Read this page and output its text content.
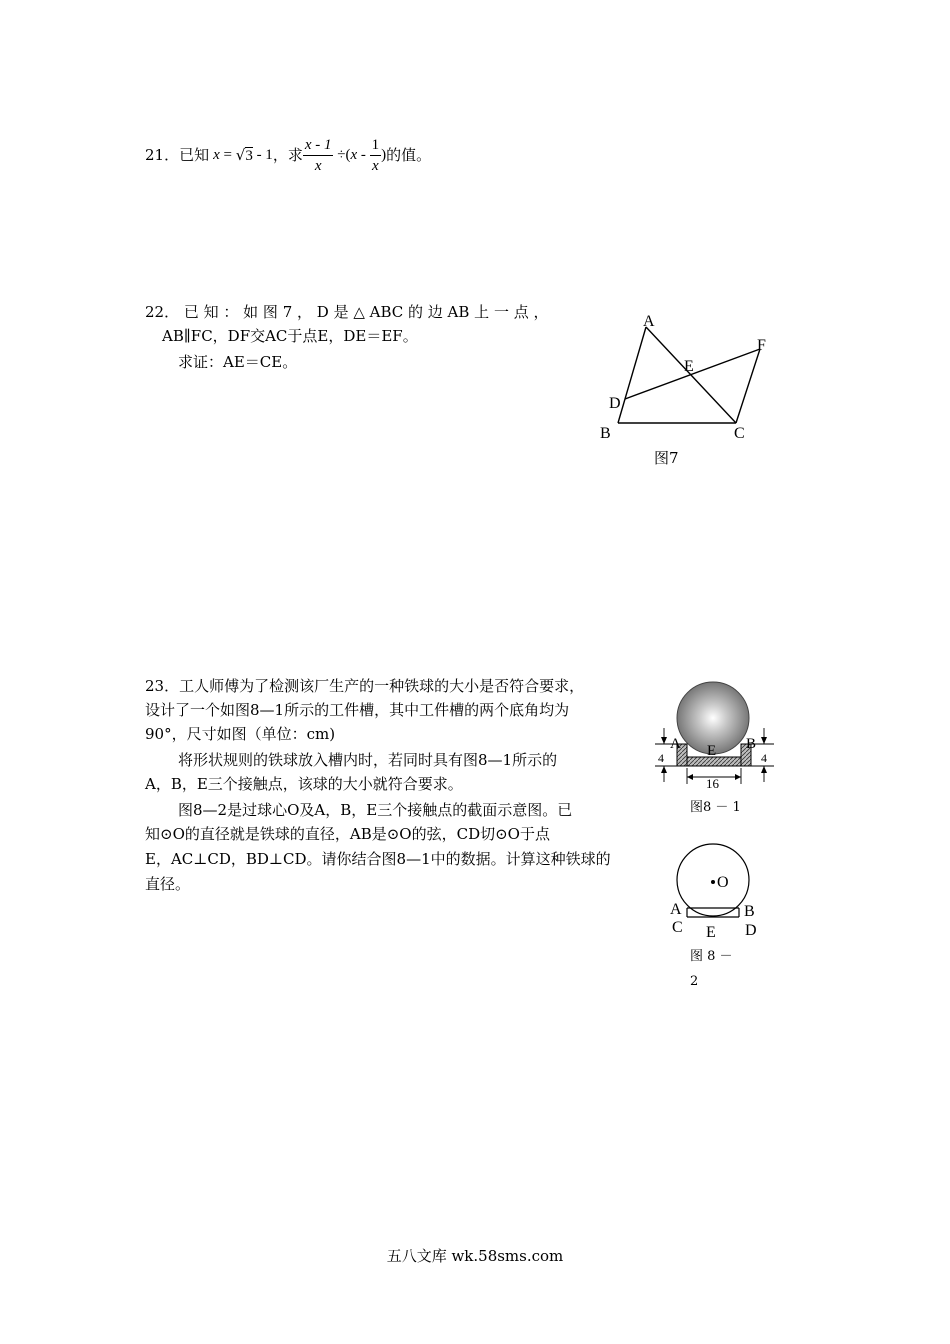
21． 已知 x = √ 3 - 1 ，求 $\frac{x - 1}{x}$ ÷( x - $\frac{1}{x}$ ) 的值。
22． 已 知 ： 如 图 7 ， D 是 △ ABC 的 边 AB 上 一 点 ，
AB∥FC，DF交AC于点E，DE＝EF。
求证：AE＝CE。
A
B	C
D
E
F
图7
23．工人师傅为了检测该厂生产的一种铁球的大小是否符合要求，
设计了一个如图8—1所示的工件槽，其中工件槽的两个底角均为
90°，尺寸如图（单位：cm)
将形状规则的铁球放入槽内时，若同时具有图8—1所示的
A，B，E三个接触点，该球的大小就符合要求。
图8—2是过球心O及A，B，E三个接触点的截面示意图。已
知⊙O的直径就是铁球的直径，AB是⊙O的弦，CD切⊙O于点
E，AC⊥CD，BD⊥CD。请你结合图8—1中的数据。计算这种铁球的
直径。
A	B
E
4	4
16
图8 － 1
O
A	B
C	D
E
图 8 －
2
五八文库 wk.58sms.com
